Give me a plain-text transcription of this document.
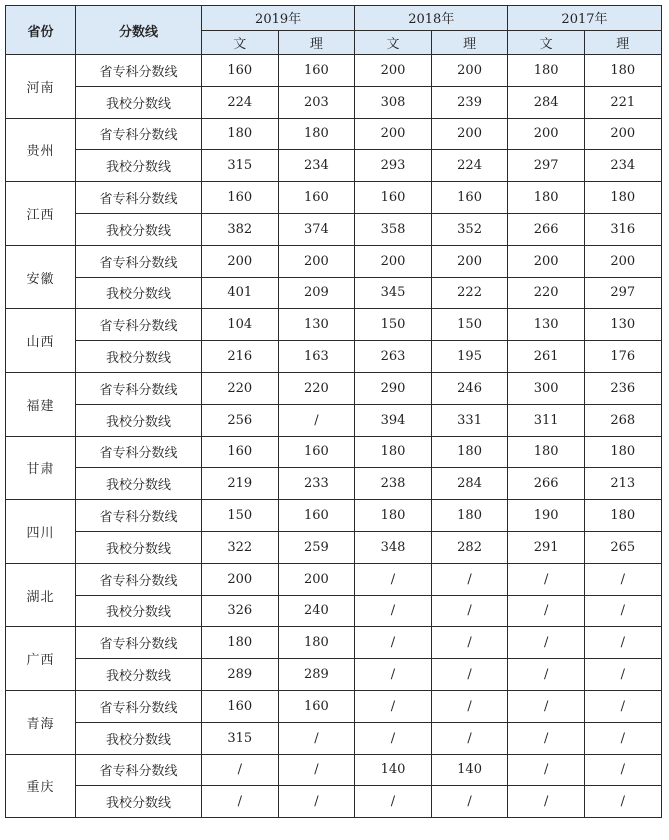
省份	分数线	2019年		2018年		2017年	
		文	理	文	理	文	理
河南	省专科分数线	160	160	200	200	180	180
	我校分数线	224	203	308	239	284	221
贵州	省专科分数线	180	180	200	200	200	200
	我校分数线	315	234	293	224	297	234
江西	省专科分数线	160	160	160	160	180	180
	我校分数线	382	374	358	352	266	316
安徽	省专科分数线	200	200	200	200	200	200
	我校分数线	401	209	345	222	220	297
山西	省专科分数线	104	130	150	150	130	130
	我校分数线	216	163	263	195	261	176
福建	省专科分数线	220	220	290	246	300	236
	我校分数线	256	/	394	331	311	268
甘肃	省专科分数线	160	160	180	180	180	180
	我校分数线	219	233	238	284	266	213
四川	省专科分数线	150	160	180	180	190	180
	我校分数线	322	259	348	282	291	265
湖北	省专科分数线	200	200	/	/	/	/
	我校分数线	326	240	/	/	/	/
广西	省专科分数线	180	180	/	/	/	/
	我校分数线	289	289	/	/	/	/
青海	省专科分数线	160	160	/	/	/	/
	我校分数线	315	/	/	/	/	/
重庆	省专科分数线	/	/	140	140	/	/
	我校分数线	/	/	/	/	/	/
